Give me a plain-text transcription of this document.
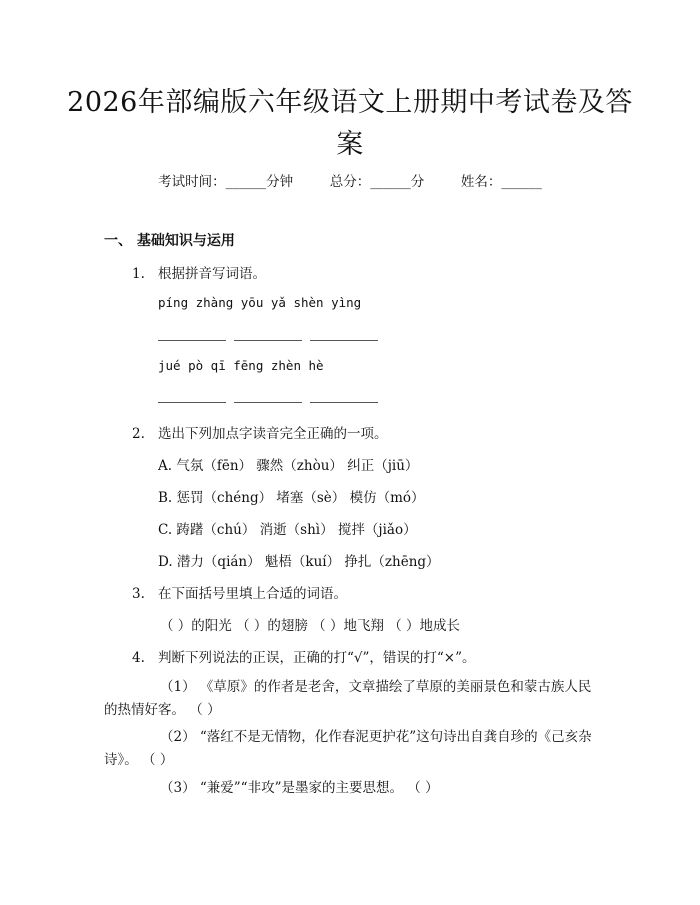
2026年部编版六年级语文上册期中考试卷及答案
考试时间：______分钟	总分：______分	姓名：______
一、 基础知识与运用
1. 根据拼音写词语。
píng zhàng yōu yǎ shèn yìng
jué pò qī fēng zhèn hè
2. 选出下列加点字读音完全正确的一项。
A. 气氛（fēn） 骤然（zhòu） 纠正（jiū）
B. 惩罚（chéng） 堵塞（sè） 模仿（mó）
C. 踌躇（chú） 消逝（shì） 搅拌（jiǎo）
D. 潜力（qián） 魁梧（kuí） 挣扎（zhēng）
3. 在下面括号里填上合适的词语。
（ ）的阳光 （ ）的翅膀 （ ）地飞翔 （ ）地成长
4. 判断下列说法的正误，正确的打“√”，错误的打“×”。
（1） 《草原》的作者是老舍，文章描绘了草原的美丽景色和蒙古族人民的热情好客。 （ ）
（2） “落红不是无情物，化作春泥更护花”这句诗出自龚自珍的《己亥杂诗》。 （ ）
（3） “兼爱”“非攻”是墨家的主要思想。 （ ）
